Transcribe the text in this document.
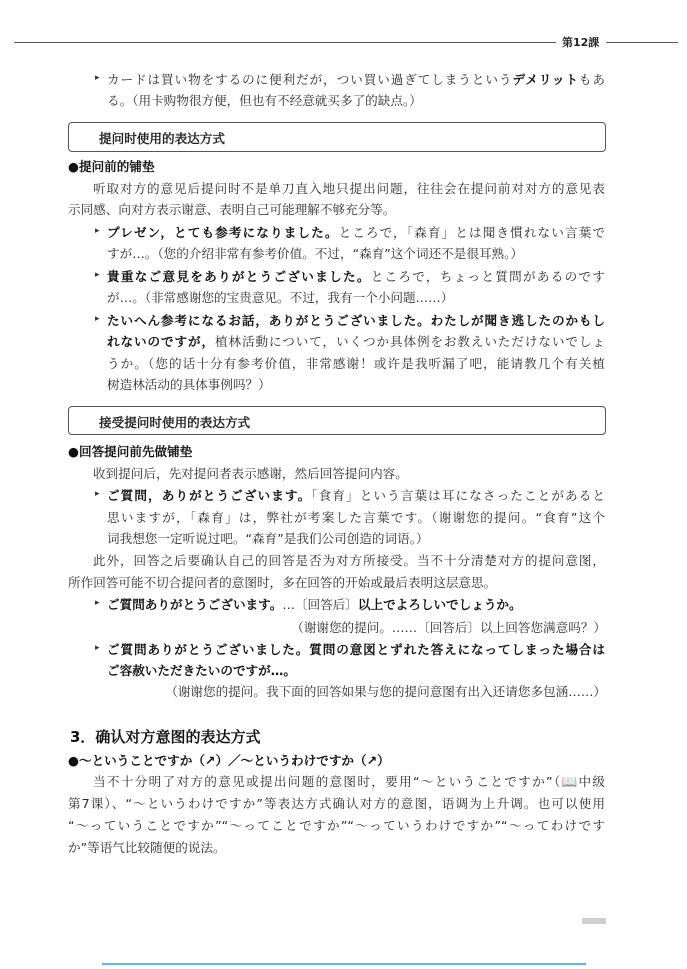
第12課
提问时使用的表达方式
接受提问时使用的表达方式
カードは買い物をするのに便利だが，つい買い過ぎてしまうというデメリットもあ
▸
る。（用卡购物很方便，但也有不经意就买多了的缺点。）
●提问前的铺垫
听取对方的意见后提问时不是单刀直入地只提出问题，往往会在提问前对对方的意见表
示同感、向对方表示谢意、表明自己可能理解不够充分等。
プレゼン，とても参考になりました。ところで，「森育」とは聞き慣れない言葉で
▸
すが…。（您的介绍非常有参考价值。不过，“森育”这个词还不是很耳熟。）
貴重なご意見をありがとうございました。ところで，ちょっと質問があるのです
▸
が…。（非常感谢您的宝贵意见。不过，我有一个小问题……）
たいへん参考になるお話，ありがとうございました。わたしが聞き逃したのかもし
▸
れないのですが，植林活動について，いくつか具体例をお教えいただけないでしょ
うか。（您的话十分有参考价值，非常感谢！或许是我听漏了吧，能请教几个有关植
树造林活动的具体事例吗？）
●回答提问前先做铺垫
收到提问后，先对提问者表示感谢，然后回答提问内容。
ご質問，ありがとうございます。「食育」という言葉は耳になさったことがあると
▸
思いますが，「森育」は，弊社が考案した言葉です。（谢谢您的提问。“食育”这个
词我想您一定听说过吧。“森育”是我们公司创造的词语。）
此外，回答之后要确认自己的回答是否为对方所接受。当不十分清楚对方的提问意图，
所作回答可能不切合提问者的意图时，多在回答的开始或最后表明这层意思。
ご質問ありがとうございます。…〔回答后〕以上でよろしいでしょうか。
▸
（谢谢您的提问。……〔回答后〕以上回答您满意吗？）
ご質問ありがとうございました。質問の意図とずれた答えになってしまった場合は
▸
ご容赦いただきたいのですが…。
（谢谢您的提问。我下面的回答如果与您的提问意图有出入还请您多包涵……）
3．确认对方意图的表达方式
●～ということですか（↗）／～というわけですか（↗）
当不十分明了对方的意见或提出问题的意图时，要用“～ということですか”（📖中级
第7课）、“～というわけですか”等表达方式确认对方的意图，语调为上升调。也可以使用
“～っていうことですか”“～ってことですか”“～っていうわけですか”“～ってわけです
か”等语气比较随便的说法。
